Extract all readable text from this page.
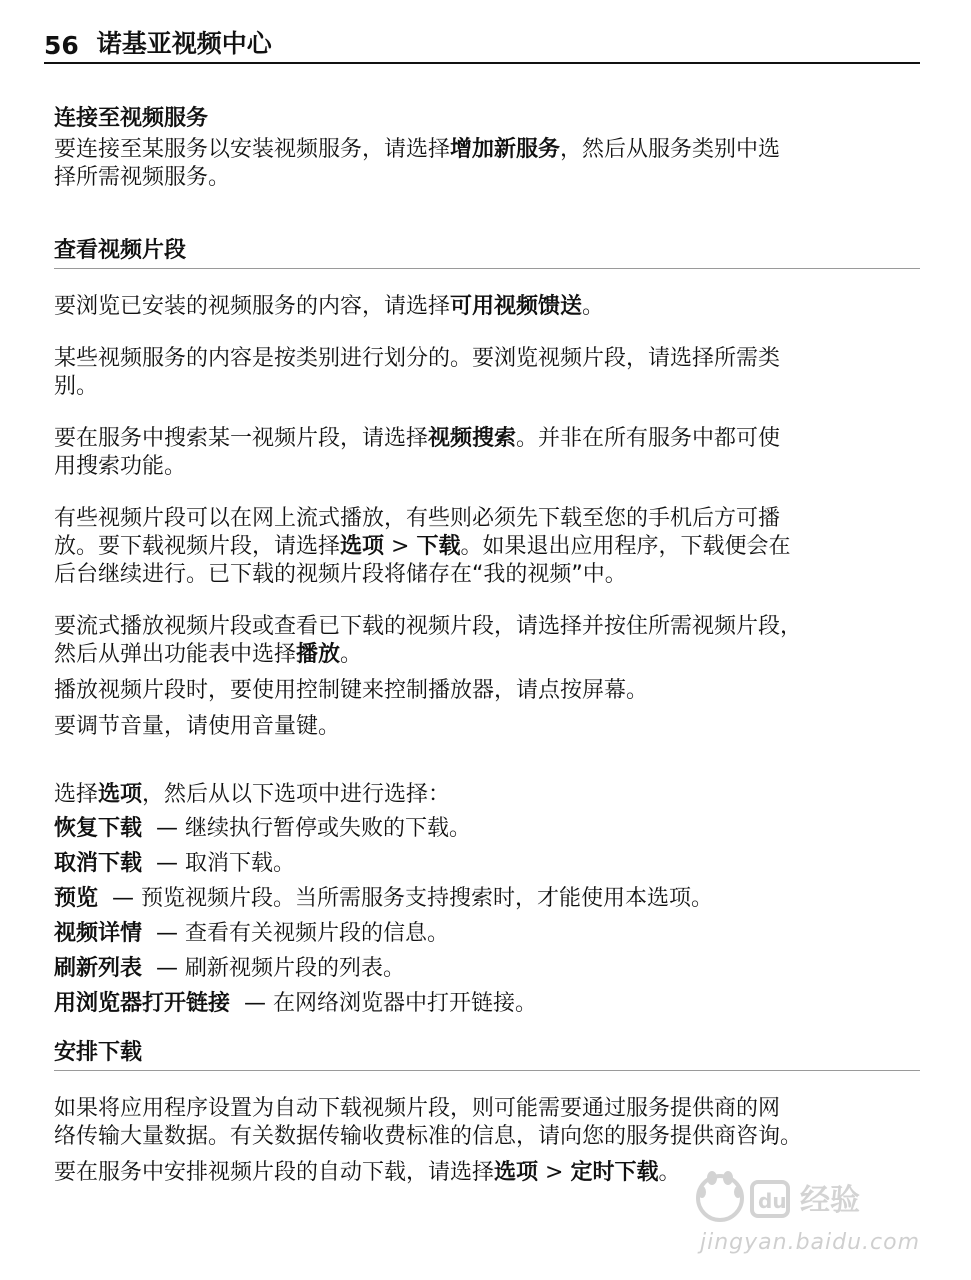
56 诺基亚视频中心
连接至视频服务

要连接至某服务以安装视频服务，请选择增加新服务，然后从服务类别中选
择所需视频服务。

查看视频片段

要浏览已安装的视频服务的内容，请选择可用视频馈送。

某些视频服务的内容是按类别进行划分的。要浏览视频片段，请选择所需类
别。

要在服务中搜索某一视频片段，请选择视频搜索。并非在所有服务中都可使
用搜索功能。

有些视频片段可以在网上流式播放，有些则必须先下载至您的手机后方可播
放。要下载视频片段，请选择选项 > 下载。如果退出应用程序，下载便会在
后台继续进行。已下载的视频片段将储存在“我的视频”中。

要流式播放视频片段或查看已下载的视频片段，请选择并按住所需视频片段，
然后从弹出功能表中选择播放。

播放视频片段时，要使用控制键来控制播放器，请点按屏幕。

要调节音量，请使用音量键。

选择选项，然后从以下选项中进行选择：

恢复下载 — 继续执行暂停或失败的下载。
取消下载 — 取消下载。
预览 — 预览视频片段。当所需服务支持搜索时，才能使用本选项。
视频详情 — 查看有关视频片段的信息。
刷新列表 — 刷新视频片段的列表。
用浏览器打开链接 — 在网络浏览器中打开链接。
安排下载

如果将应用程序设置为自动下载视频片段，则可能需要通过服务提供商的网
络传输大量数据。有关数据传输收费标准的信息，请向您的服务提供商咨询。

要在服务中安排视频片段的自动下载，请选择选项 > 定时下载。

du 经验
jingyan.baidu.com
